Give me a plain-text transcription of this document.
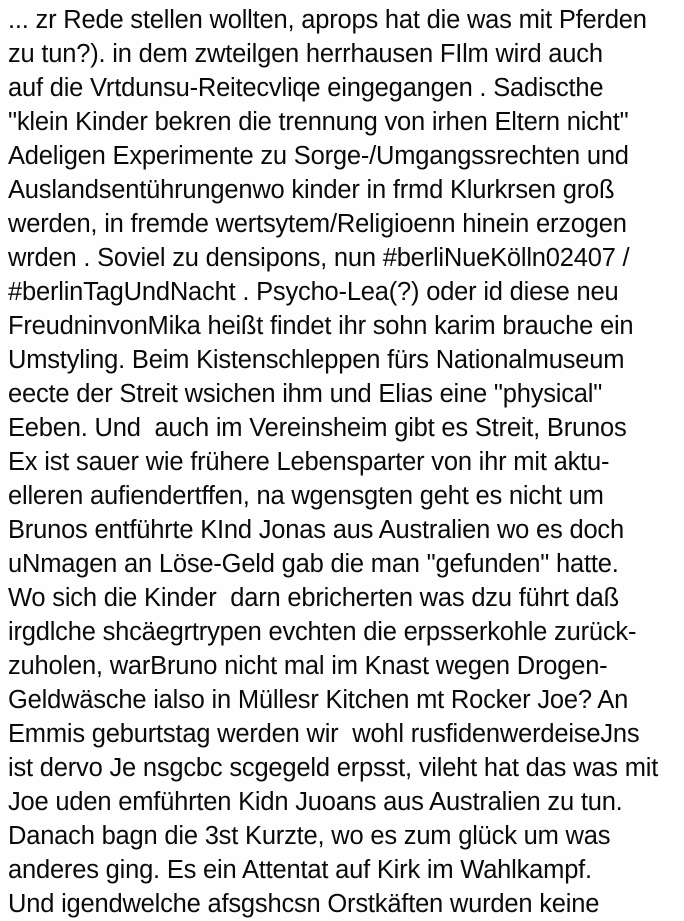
... zr Rede stellen wollten, aprops hat die was mit Pferden
zu tun?). in dem zwteilgen herrhausen FIlm wird auch
auf die Vrtdunsu-Reitecvliqe eingegangen . Sadiscthe
"klein Kinder bekren die trennung von irhen Eltern nicht"
Adeligen Experimente zu Sorge-/Umgangssrechten und
Auslandsentührungenwo kinder in frmd Klurkrsen groß
werden, in fremde wertsytem/Religioenn hinein erzogen
wrden . Soviel zu densipons, nun #berliNueKölln02407 /
#berlinTagUndNacht . Psycho-Lea(?) oder id diese neu
FreudninvonMika heißt findet ihr sohn karim brauche ein
Umstyling. Beim Kistenschleppen fürs Nationalmuseum
eecte der Streit wsichen ihm und Elias eine "physical"
Eeben. Und  auch im Vereinsheim gibt es Streit, Brunos
Ex ist sauer wie frühere Lebensparter von ihr mit aktu-
elleren aufiendertffen, na wgensgten geht es nicht um
Brunos entführte KInd Jonas aus Australien wo es doch
uNmagen an Löse-Geld gab die man "gefunden" hatte.
Wo sich die Kinder  darn ebricherten was dzu führt daß
irgdlche shcäegrtrypen evchten die erpsserkohle zurück-
zuholen, warBruno nicht mal im Knast wegen Drogen-
Geldwäsche ialso in Müllesr Kitchen mt Rocker Joe? An
Emmis geburtstag werden wir  wohl rusfidenwerdeiseJns
ist dervo Je nsgcbc scgegeld erpsst, vileht hat das was mit
Joe uden emführten Kidn Juoans aus Australien zu tun.
Danach bagn die 3st Kurzte, wo es zum glück um was
anderes ging. Es ein Attentat auf Kirk im Wahlkampf.
Und igendwelche afsgshcsn Orstkäften wurden keine
